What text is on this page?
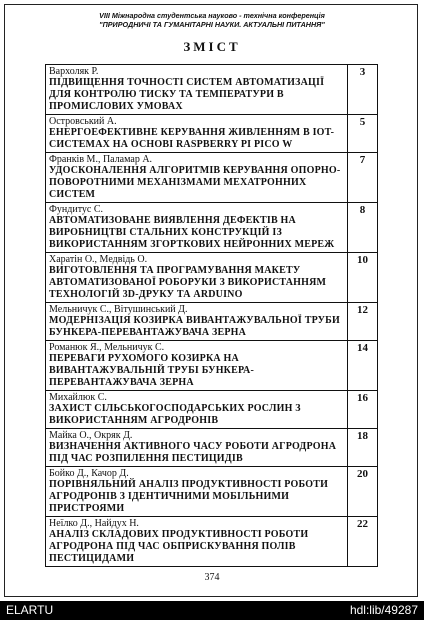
VIII Міжнародна студентська науково - технічна конференція
"ПРИРОДНИЧІ ТА ГУМАНІТАРНІ НАУКИ. АКТУАЛЬНІ ПИТАННЯ"
ЗМІСТ
Вархоляк Р.
ПІДВИЩЕННЯ ТОЧНОСТІ СИСТЕМ АВТОМАТИЗАЦІЇ ДЛЯ КОНТРОЛЮ ТИСКУ ТА ТЕМПЕРАТУРИ В ПРОМИСЛОВИХ УМОВАХ	3

Островський А.
ЕНЕРГОЕФЕКТИВНЕ КЕРУВАННЯ ЖИВЛЕННЯМ В IOT-СИСТЕМАХ НА ОСНОВІ RASPBERRY PI PICO W	5

Франків М., Паламар А.
УДОСКОНАЛЕННЯ АЛГОРИТМІВ КЕРУВАННЯ ОПОРНО-ПОВОРОТНИМИ МЕХАНІЗМАМИ МЕХАТРОННИХ СИСТЕМ	7

Фундитус С.
АВТОМАТИЗОВАНЕ ВИЯВЛЕННЯ ДЕФЕКТІВ НА ВИРОБНИЦТВІ СТАЛЬНИХ КОНСТРУКЦІЙ ІЗ ВИКОРИСТАННЯМ ЗГОРТКОВИХ НЕЙРОННИХ МЕРЕЖ	8

Харатін О., Медвідь О.
ВИГОТОВЛЕННЯ ТА ПРОГРАМУВАННЯ МАКЕТУ АВТОМАТИЗОВАНОЇ РОБОРУКИ З ВИКОРИСТАННЯМ ТЕХНОЛОГІЙ 3D-ДРУКУ ТА ARDUINO	10

Мельничук С., Вітушинський Д.
МОДЕРНІЗАЦІЯ КОЗИРКА ВИВАНТАЖУВАЛЬНОЇ ТРУБИ БУНКЕРА-ПЕРЕВАНТАЖУВАЧА ЗЕРНА	12

Романюк Я., Мельничук С.
ПЕРЕВАГИ РУХОМОГО КОЗИРКА НА ВИВАНТАЖУВАЛЬНІЙ ТРУБІ БУНКЕРА-ПЕРЕВАНТАЖУВАЧА ЗЕРНА	14

Михайлюк С.
ЗАХИСТ СІЛЬСЬКОГОСПОДАРСЬКИХ РОСЛИН З ВИКОРИСТАННЯМ АГРОДРОНІВ	16

Майка О., Окряк Д.
ВИЗНАЧЕННЯ АКТИВНОГО ЧАСУ РОБОТИ АГРОДРОНА ПІД ЧАС РОЗПИЛЕННЯ ПЕСТИЦИДІВ	18

Бойко Д., Качор Д.
ПОРІВНЯЛЬНИЙ АНАЛІЗ ПРОДУКТИВНОСТІ РОБОТИ АГРОДРОНІВ З ІДЕНТИЧНИМИ МОБІЛЬНИМИ ПРИСТРОЯМИ	20

Неїлко Д., Найдух Н.
АНАЛІЗ СКЛАДОВИХ ПРОДУКТИВНОСТІ РОБОТИ АГРОДРОНА ПІД ЧАС ОБПРИСКУВАННЯ ПОЛІВ ПЕСТИЦИДАМИ	22
374
ELARTU	hdl:lib/49287
